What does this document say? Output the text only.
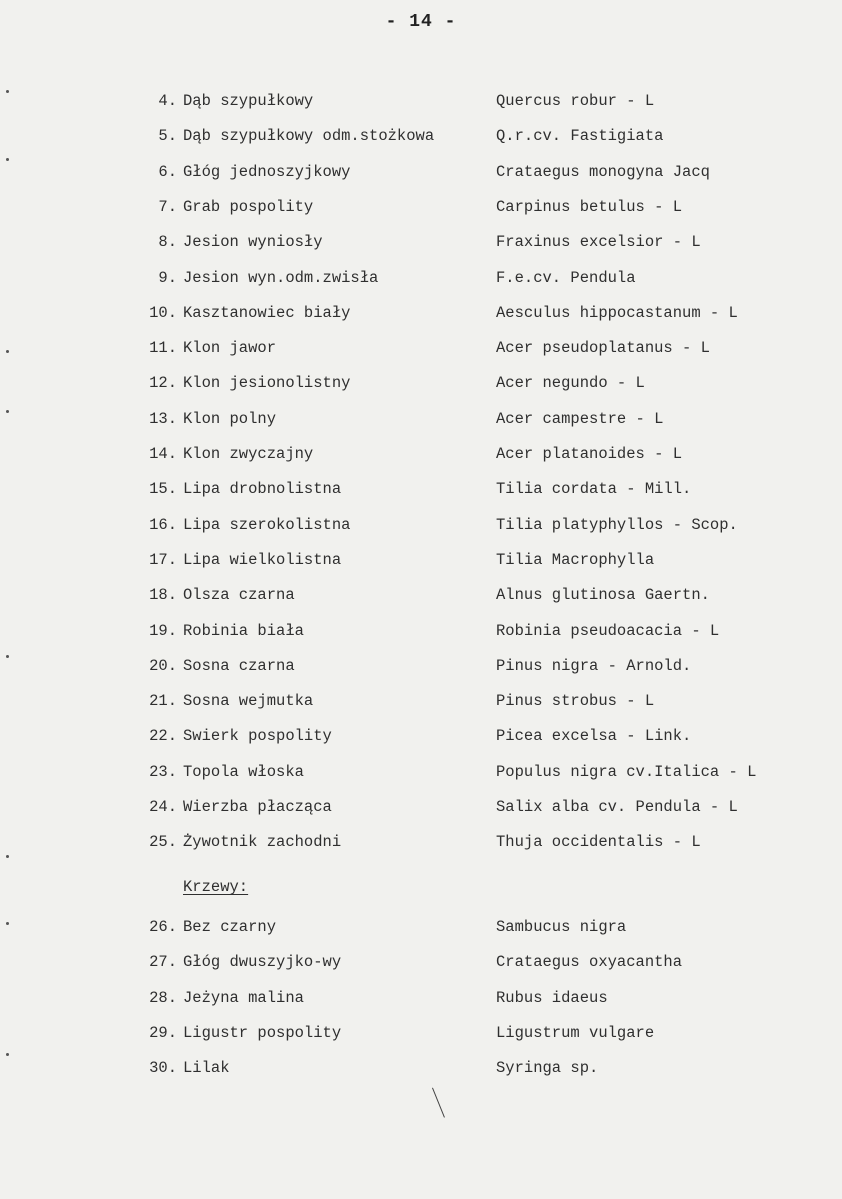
- 14 -
4. Dąb szypułkowy	Quercus robur - L
5. Dąb szypułkowy odm.stożkowa	Q.r.cv. Fastigiata
6. Głóg jednoszyjkowy	Crataegus monogyna Jacq
7. Grab pospolity	Carpinus betulus - L
8. Jesion wyniosły	Fraxinus excelsior - L
9. Jesion wyn.odm.zwisła	F.e.cv. Pendula
10. Kasztanowiec biały	Aesculus hippocastanum - L
11. Klon jawor	Acer pseudoplatanus - L
12. Klon jesionolistny	Acer negundo - L
13. Klon polny	Acer campestre - L
14. Klon zwyczajny	Acer platanoides - L
15. Lipa drobnolistna	Tilia cordata - Mill.
16. Lipa szerokolistna	Tilia platyphyllos - Scop.
17. Lipa wielkolistna	Tilia Macrophylla
18. Olsza czarna	Alnus glutinosa Gaertn.
19. Robinia biała	Robinia pseudoacacia - L
20. Sosna czarna	Pinus nigra - Arnold.
21. Sosna wejmutka	Pinus strobus - L
22. Swierk pospolity	Picea excelsa - Link.
23. Topola włoska	Populus nigra cv.Italica - L
24. Wierzba płacząca	Salix alba cv. Pendula - L
25. Żywotnik zachodni	Thuja occidentalis - L
Krzewy:
26. Bez czarny	Sambucus nigra
27. Głóg dwuszyjko-wy	Crataegus oxyacantha
28. Jeżyna malina	Rubus idaeus
29. Ligustr pospolity	Ligustrum vulgare
30. Lilak	Syringa sp.
